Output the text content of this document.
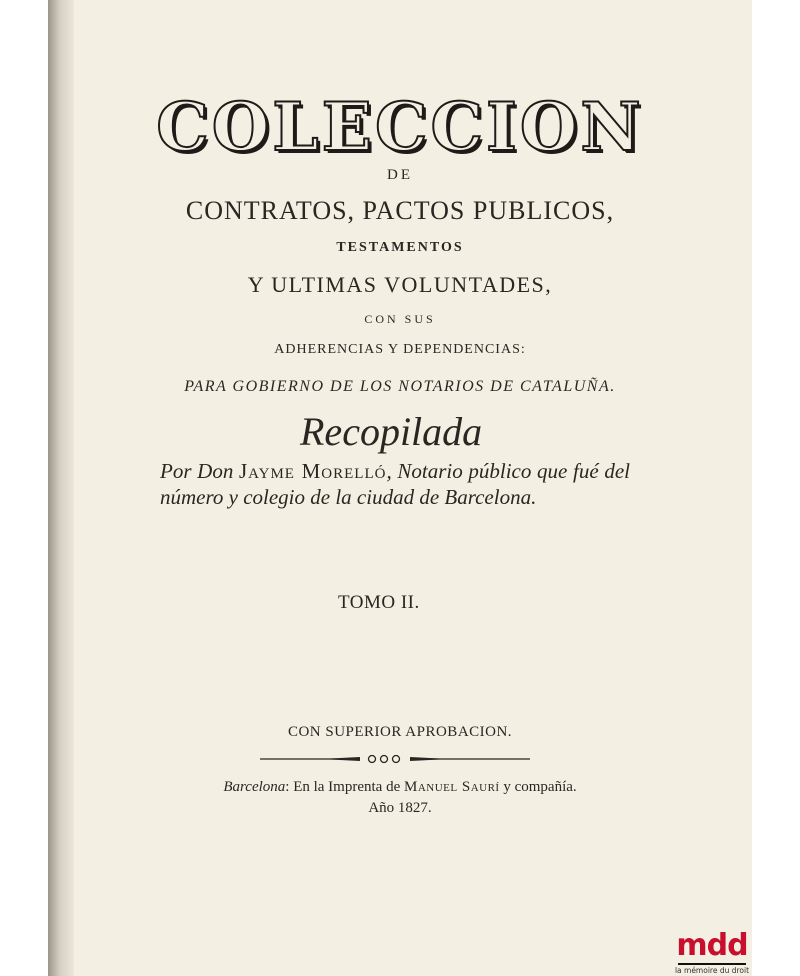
COLECCION
DE
CONTRATOS, PACTOS PUBLICOS,
TESTAMENTOS
Y ULTIMAS VOLUNTADES,
CON SUS
ADHERENCIAS Y DEPENDENCIAS:
PARA GOBIERNO DE LOS NOTARIOS DE CATALUÑA.
Recopilada
Por Don Jayme Morelló, Notario público que fué del número y colegio de la ciudad de Barcelona.
TOMO II.
CON SUPERIOR APROBACION.
Barcelona: En la Imprenta de Manuel Saurí y compañía.
Año 1827.
mdd
la mémoire du droit
